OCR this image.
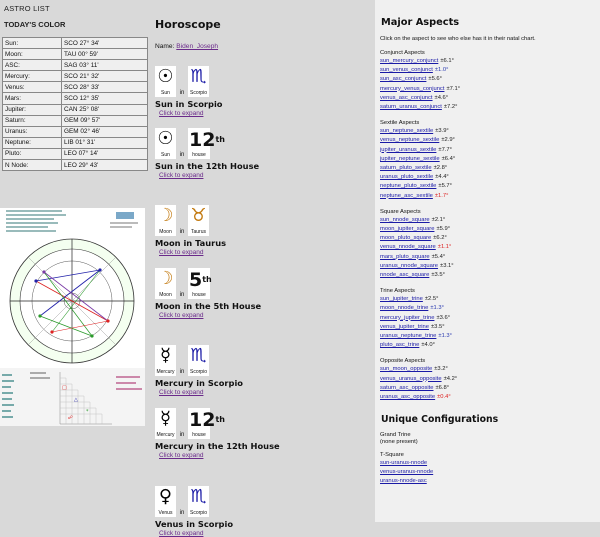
ASTRO LIST
TODAY'S COLOR
Sun:	SCO 27° 34'
Moon:	TAU 00° 59'
ASC:	SAG 03° 11'
Mercury:	SCO 21° 32'
Venus:	SCO 28° 33'
Mars:	SCO 12° 35'
Jupiter:	CAN 25° 08'
Saturn:	GEM 09° 57'
Uranus:	GEM 02° 46'
Neptune:	LIB 01° 31'
Pluto:	LEO 07° 14'
N Node:	LEO 29° 43'
□
△
*
☍
Horoscope
Name: Biden_Joseph
☉
Sun	in
♏
Scorpio
Sun in Scorpio
Click to expand
☉
Sun	in
12th
house
Sun in the 12th House
Click to expand
☽
Moon	in
♉
Taurus
Moon in Taurus
Click to expand
☽
Moon	in
5th
house
Moon in the 5th House
Click to expand
☿
Mercury in
♏
Scorpio
Mercury in Scorpio
Click to expand
☿
Mercury in
12th
house
Mercury in the 12th House
Click to expand
♀
Venus	in
♏
Scorpio
Venus in Scorpio
Click to expand
Major Aspects
Click on the aspect to see who else has it in their natal chart.
Conjunct Aspects
sun_mercury_conjunct ±6.1°
sun_venus_conjunct ±1.0°
sun_asc_conjunct ±5.6°
mercury_venus_conjunct ±7.1°
venus_asc_conjunct ±4.6°
saturn_uranus_conjunct ±7.2°
Sextile Aspects
sun_neptune_sextile ±3.9°
venus_neptune_sextile ±2.9°
jupiter_uranus_sextile ±7.7°
jupiter_neptune_sextile ±6.4°
saturn_pluto_sextile ±2.8°
uranus_pluto_sextile ±4.4°
neptune_pluto_sextile ±5.7°
neptune_asc_sextile ±1.7°
Square Aspects
sun_nnode_square ±2.1°
moon_jupiter_square ±5.9°
moon_pluto_square ±6.2°
venus_nnode_square ±1.1°
mars_pluto_square ±5.4°
uranus_nnode_square ±3.1°
nnode_asc_square ±3.5°
Trine Aspects
sun_jupiter_trine ±2.5°
moon_nnode_trine ±1.3°
mercury_jupiter_trine ±3.6°
venus_jupiter_trine ±3.5°
uranus_neptune_trine ±1.3°
pluto_asc_trine ±4.0°
Opposite Aspects
sun_moon_opposite ±3.2°
venus_uranus_opposite ±4.2°
saturn_asc_opposite ±6.8°
uranus_asc_opposite ±0.4°
Unique Configurations
Grand Trine
(none present)
T-Square
sun-uranus-nnode
venus-uranus-nnode
uranus-nnode-asc
